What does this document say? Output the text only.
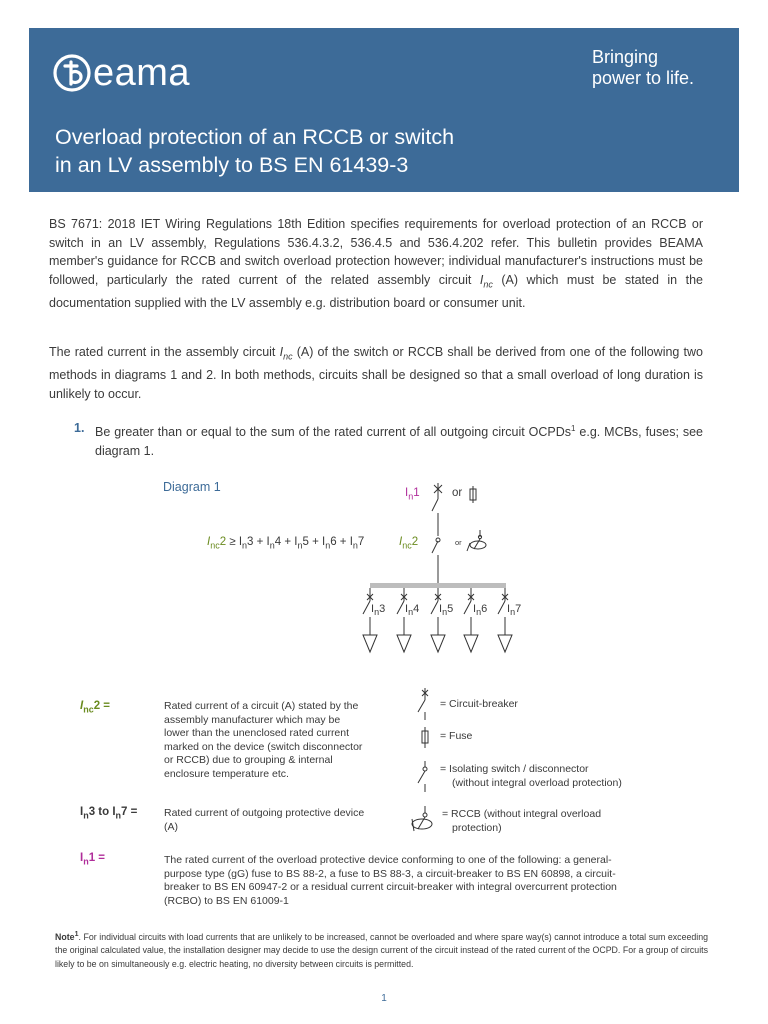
eama	Bringing
power to life.
Overload protection of an RCCB or switch
in an LV assembly to BS EN 61439-3
BS 7671: 2018 IET Wiring Regulations 18th Edition specifies requirements for overload protection of an RCCB or switch in an LV assembly, Regulations 536.4.3.2, 536.4.5 and 536.4.202 refer. This bulletin provides BEAMA member's guidance for RCCB and switch overload protection however; individual manufacturer's instructions must be followed, particularly the rated current of the related assembly circuit $I_{nc}$ (A) which must be stated in the documentation supplied with the LV assembly e.g. distribution board or consumer unit.
The rated current in the assembly circuit $I_{nc}$ (A) of the switch or RCCB shall be derived from one of the following two methods in diagrams 1 and 2. In both methods, circuits shall be designed so that a small overload of long duration is unlikely to occur.
1. Be greater than or equal to the sum of the rated current of all outgoing circuit OCPDs$^1$ e.g. MCBs, fuses; see diagram 1.
Diagram 1	$I_n1$	or
$I_{nc}2 \ge I_n3 + I_n4 + I_n5 + I_n6 + I_n7$	$I_{nc}2$	or
$I_n3$ $I_n4$ $I_n5$ $I_n6$ $I_n7$
$I_{nc}2$ =	Rated current of a circuit (A) stated by the assembly manufacturer which may be lower than the unenclosed rated current marked on the device (switch disconnector or RCCB) due to grouping & internal enclosure temperature etc.
$I_n3$ to $I_n7$ =	Rated current of outgoing protective device (A)
$I_n1$ =	The rated current of the overload protective device conforming to one of the following: a general-purpose type (gG) fuse to BS 88-2, a fuse to BS 88-3, a circuit-breaker to BS EN 60898, a circuit-breaker to BS EN 60947-2 or a residual current circuit-breaker with integral overcurrent protection (RCBO) to BS EN 61009-1
= Circuit-breaker
= Fuse
= Isolating switch / disconnector
(without integral overload protection)
= RCCB (without integral overload
protection)
Note$^1$. For individual circuits with load currents that are unlikely to be increased, cannot be overloaded and where spare way(s) cannot introduce a total sum exceeding the original calculated value, the installation designer may decide to use the design current of the circuit instead of the rated current of the OCPD. For a group of circuits likely to be on simultaneously e.g. electric heating, no diversity between circuits is permitted.
1
